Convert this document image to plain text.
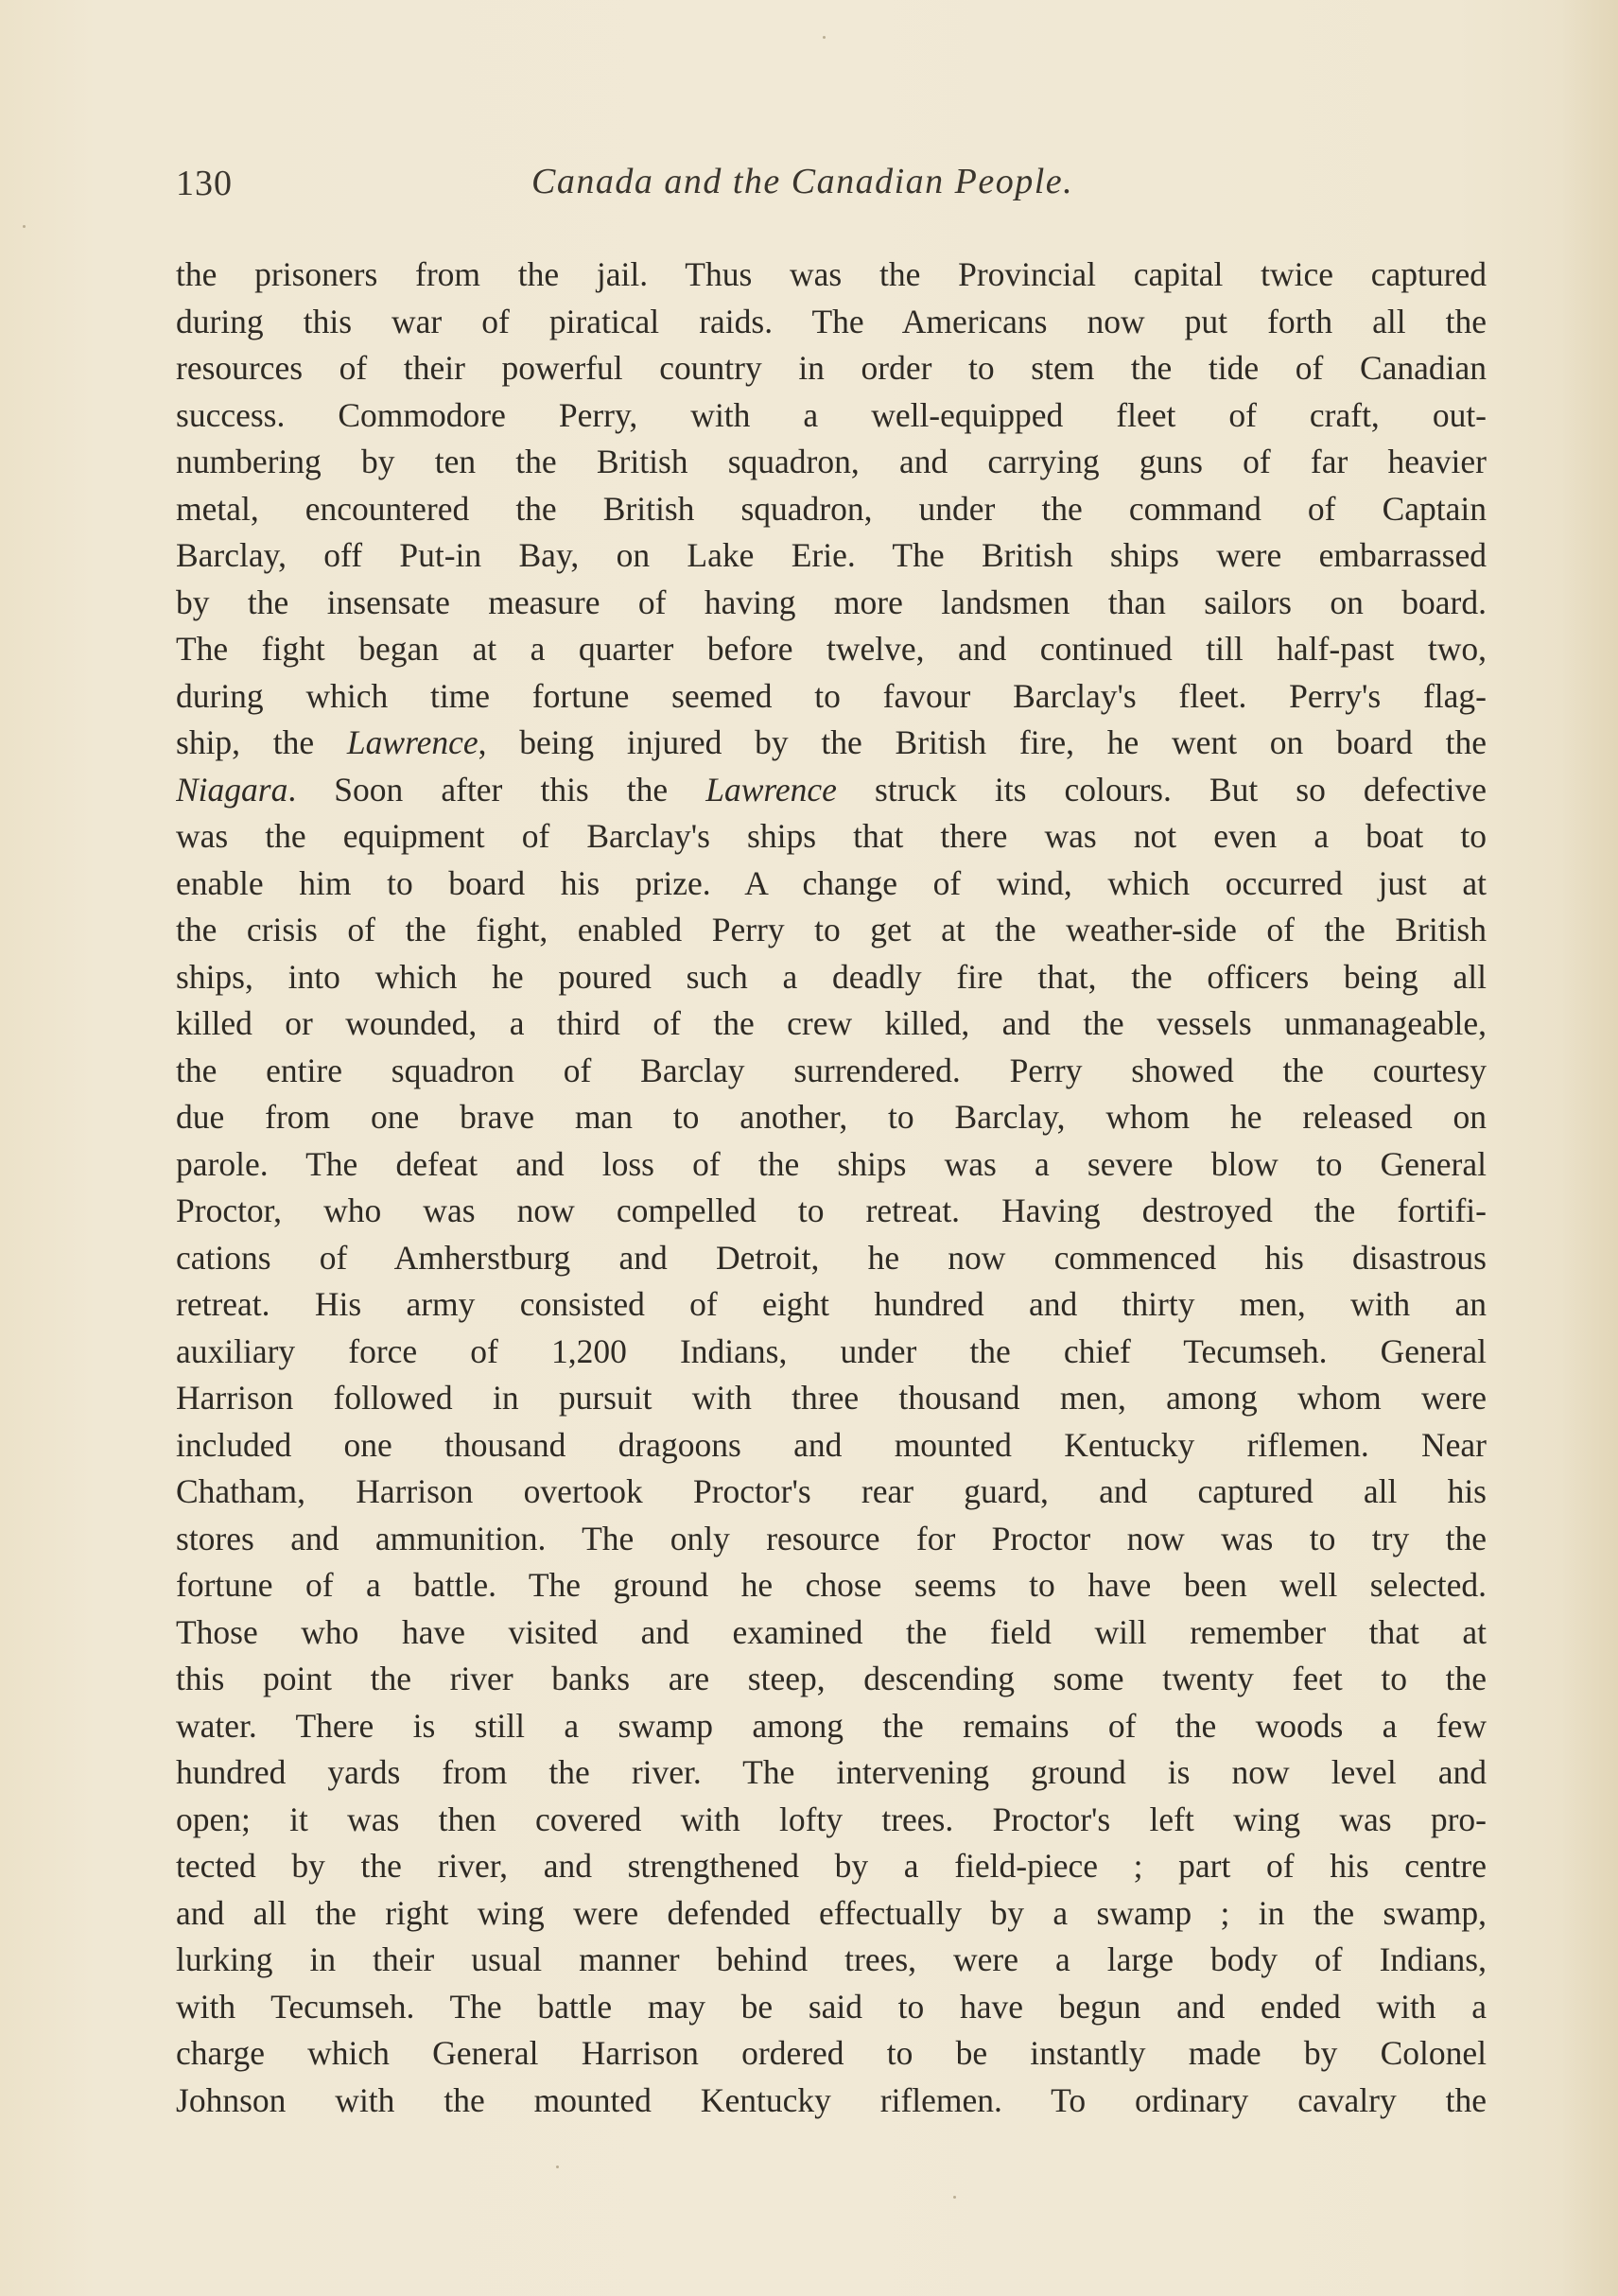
130	Canada and the Canadian People.
the prisoners from the jail. Thus was the Provincial capital twice captured
during this war of piratical raids. The Americans now put forth all the
resources of their powerful country in order to stem the tide of Canadian
success. Commodore Perry, with a well-equipped fleet of craft, out-
numbering by ten the British squadron, and carrying guns of far heavier
metal, encountered the British squadron, under the command of Captain
Barclay, off Put-in Bay, on Lake Erie. The British ships were embarrassed
by the insensate measure of having more landsmen than sailors on board.
The fight began at a quarter before twelve, and continued till half-past two,
during which time fortune seemed to favour Barclay's fleet. Perry's flag-
ship, the Lawrence, being injured by the British fire, he went on board the
Niagara. Soon after this the Lawrence struck its colours. But so defective
was the equipment of Barclay's ships that there was not even a boat to
enable him to board his prize. A change of wind, which occurred just at
the crisis of the fight, enabled Perry to get at the weather-side of the British
ships, into which he poured such a deadly fire that, the officers being all
killed or wounded, a third of the crew killed, and the vessels unmanageable,
the entire squadron of Barclay surrendered. Perry showed the courtesy
due from one brave man to another, to Barclay, whom he released on
parole. The defeat and loss of the ships was a severe blow to General
Proctor, who was now compelled to retreat. Having destroyed the fortifi-
cations of Amherstburg and Detroit, he now commenced his disastrous
retreat. His army consisted of eight hundred and thirty men, with an
auxiliary force of 1,200 Indians, under the chief Tecumseh. General
Harrison followed in pursuit with three thousand men, among whom were
included one thousand dragoons and mounted Kentucky riflemen. Near
Chatham, Harrison overtook Proctor's rear guard, and captured all his
stores and ammunition. The only resource for Proctor now was to try the
fortune of a battle. The ground he chose seems to have been well selected.
Those who have visited and examined the field will remember that at
this point the river banks are steep, descending some twenty feet to the
water. There is still a swamp among the remains of the woods a few
hundred yards from the river. The intervening ground is now level and
open; it was then covered with lofty trees. Proctor's left wing was pro-
tected by the river, and strengthened by a field-piece ; part of his centre
and all the right wing were defended effectually by a swamp ; in the swamp,
lurking in their usual manner behind trees, were a large body of Indians,
with Tecumseh. The battle may be said to have begun and ended with a
charge which General Harrison ordered to be instantly made by Colonel
Johnson with the mounted Kentucky riflemen. To ordinary cavalry the
